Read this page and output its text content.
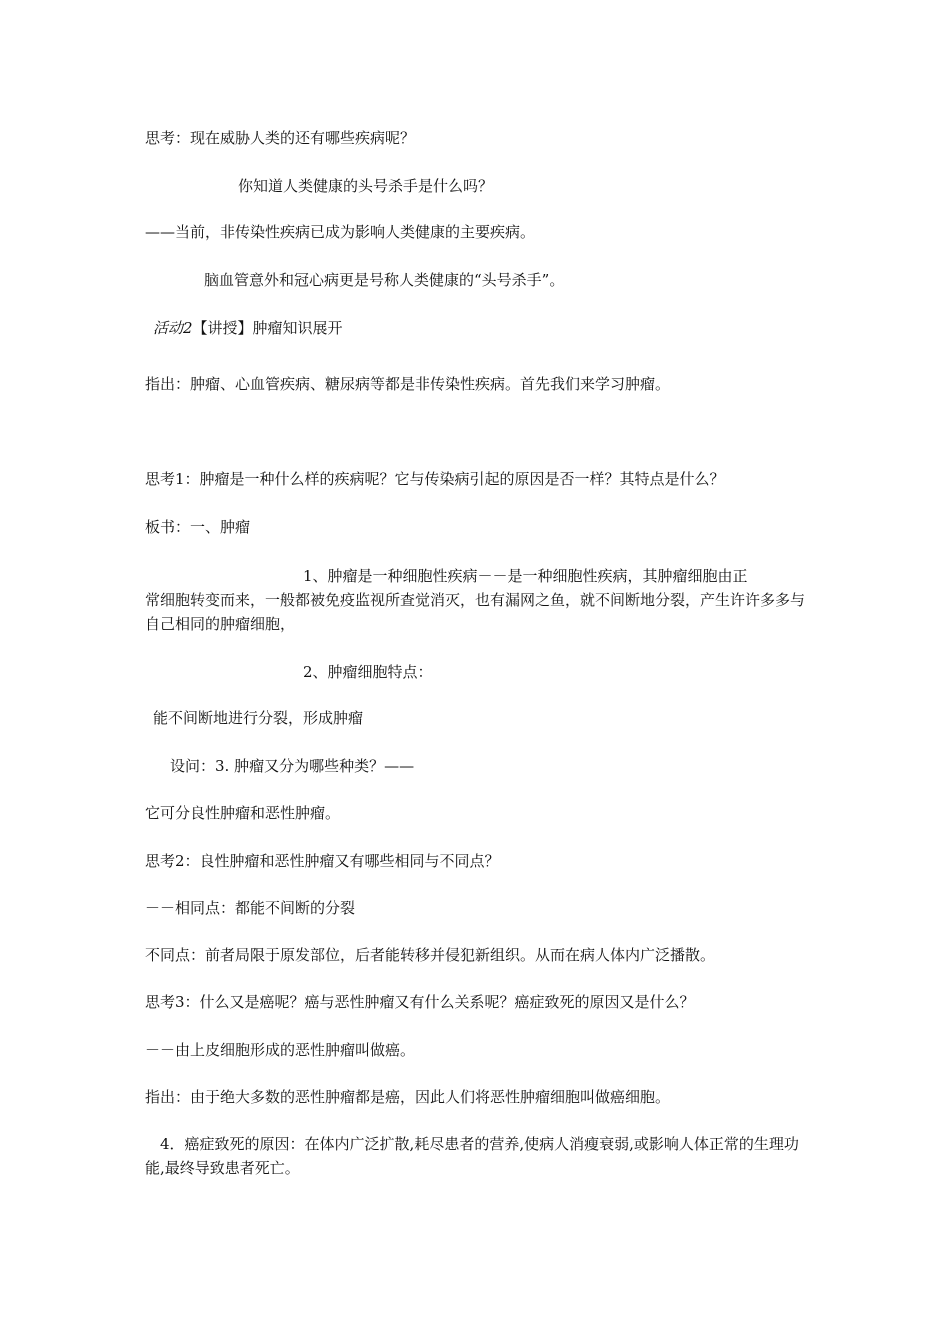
思考：现在威胁人类的还有哪些疾病呢？
你知道人类健康的头号杀手是什么吗？
——当前，非传染性疾病已成为影响人类健康的主要疾病。
脑血管意外和冠心病更是号称人类健康的“头号杀手”。
活动2【讲授】肿瘤知识展开
指出：肿瘤、心血管疾病、糖尿病等都是非传染性疾病。首先我们来学习肿瘤。
思考1：肿瘤是一种什么样的疾病呢？它与传染病引起的原因是否一样？其特点是什么？
板书：一、肿瘤
1、肿瘤是一种细胞性疾病－－是一种细胞性疾病，其肿瘤细胞由正
常细胞转变而来，一般都被免疫监视所查觉消灭，也有漏网之鱼，就不间断地分裂，产生许许多多与自己相同的肿瘤细胞，
2、肿瘤细胞特点：
能不间断地进行分裂，形成肿瘤
设问：3. 肿瘤又分为哪些种类？——
它可分良性肿瘤和恶性肿瘤。
思考2：良性肿瘤和恶性肿瘤又有哪些相同与不同点？
－－相同点：都能不间断的分裂
不同点：前者局限于原发部位，后者能转移并侵犯新组织。从而在病人体内广泛播散。
思考3：什么又是癌呢？癌与恶性肿瘤又有什么关系呢？癌症致死的原因又是什么？
－－由上皮细胞形成的恶性肿瘤叫做癌。
指出：由于绝大多数的恶性肿瘤都是癌，因此人们将恶性肿瘤细胞叫做癌细胞。
4．癌症致死的原因：在体内广泛扩散,耗尽患者的营养,使病人消瘦衰弱,或影响人体正常的生理功能,最终导致患者死亡。
